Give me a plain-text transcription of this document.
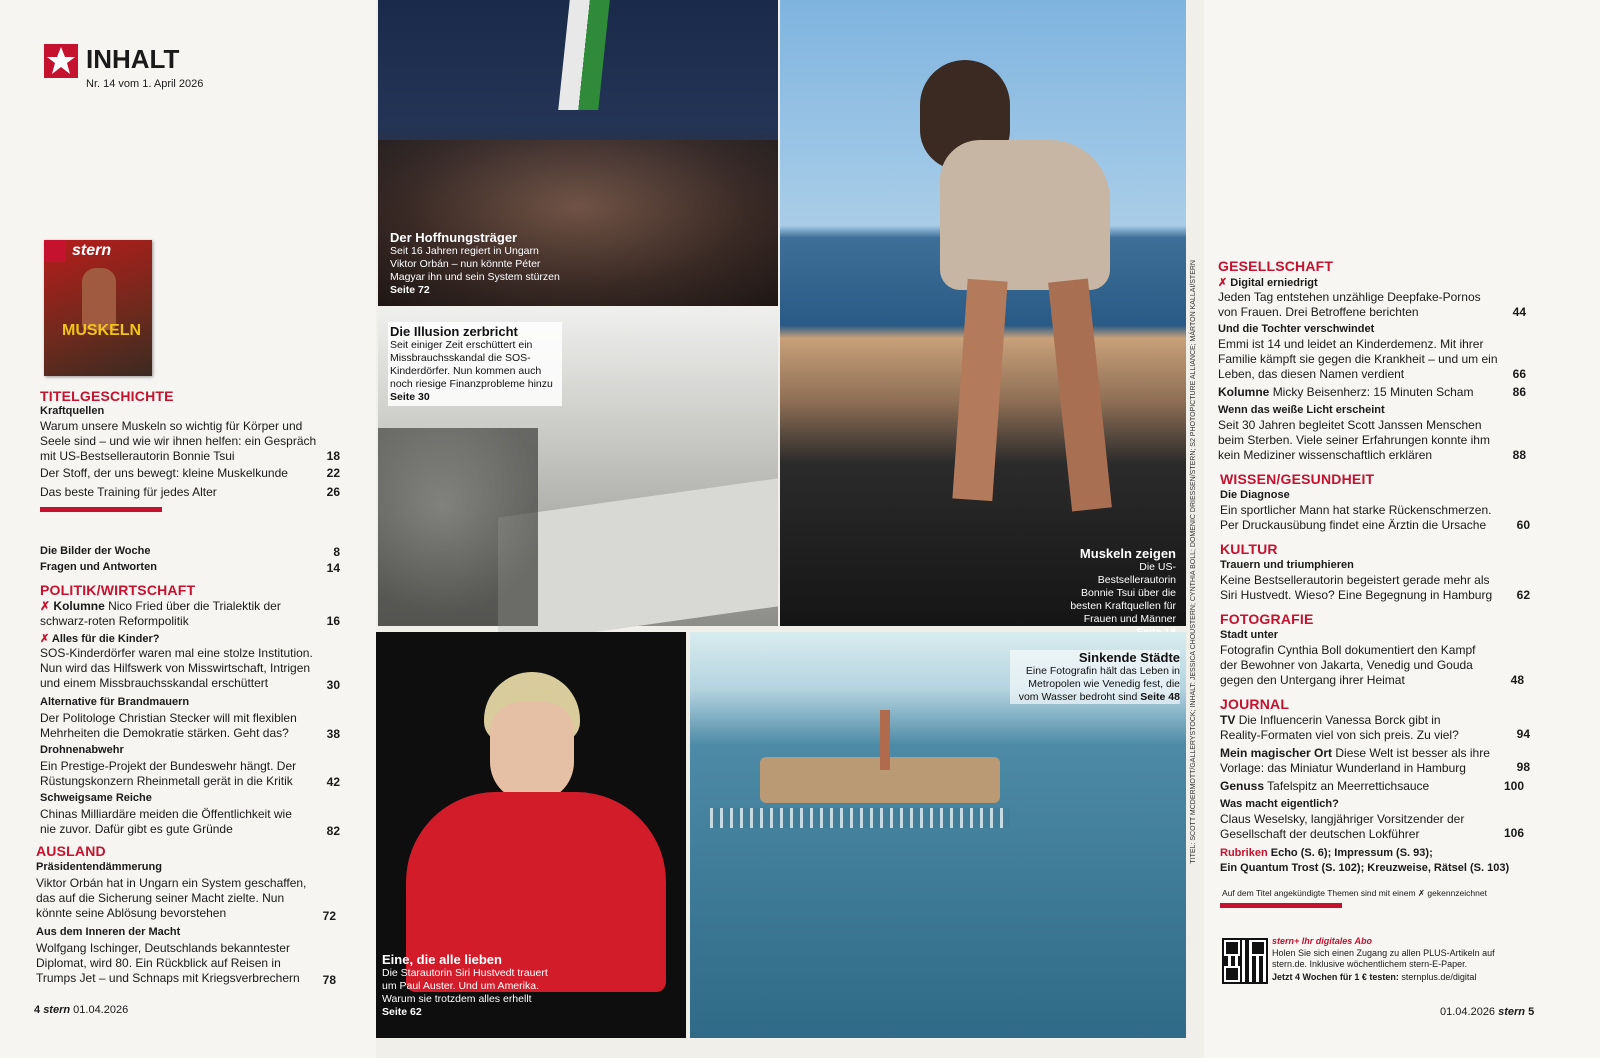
INHALT
Nr. 14 vom 1. April 2026
stern
MUSKELN
TITELGESCHICHTE
Kraftquellen
Warum unsere Muskeln so wichtig für Körper und Seele sind – und wie wir ihnen helfen: ein Gespräch mit US-Bestsellerautorin Bonnie Tsui	18
Der Stoff, der uns bewegt: kleine Muskelkunde	22
Das beste Training für jedes Alter	26
Die Bilder der Woche	8
Fragen und Antworten	14
POLITIK/WIRTSCHAFT
✗ Kolumne Nico Fried über die Trialektik der schwarz-roten Reformpolitik	16
✗ Alles für die Kinder?
SOS-Kinderdörfer waren mal eine stolze Institution. Nun wird das Hilfswerk von Misswirtschaft, Intrigen und einem Missbrauchsskandal erschüttert	30
Alternative für Brandmauern
Der Politologe Christian Stecker will mit flexiblen Mehrheiten die Demokratie stärken. Geht das?	38
Drohnenabwehr
Ein Prestige-Projekt der Bundeswehr hängt. Der Rüstungskonzern Rheinmetall gerät in die Kritik	42
Schweigsame Reiche
Chinas Milliardäre meiden die Öffentlichkeit wie nie zuvor. Dafür gibt es gute Gründe	82
AUSLAND
Präsidentendämmerung
Viktor Orbán hat in Ungarn ein System geschaffen, das auf die Sicherung seiner Macht zielte. Nun könnte seine Ablösung bevorstehen	72
Aus dem Inneren der Macht
Wolfgang Ischinger, Deutschlands bekanntester Diplomat, wird 80. Ein Rückblick auf Reisen in Trumps Jet – und Schnaps mit Kriegsverbrechern	78
4 stern 01.04.2026
Der Hoffnungsträger
Seit 16 Jahren regiert in Ungarn Viktor Orbán – nun könnte Péter Magyar ihn und sein System stürzen Seite 72
Die Illusion zerbricht
Seit einiger Zeit erschüttert ein Missbrauchsskandal die SOS-Kinderdörfer. Nun kommen auch noch riesige Finanzprobleme hinzu Seite 30
Muskeln zeigen
Die US-Bestsellerautorin Bonnie Tsui über die besten Kraftquellen für Frauen und Männer
Eine, die alle lieben
Die Starautorin Siri Hustvedt trauert um Paul Auster. Und um Amerika. Warum sie trotzdem alles erhellt Seite 62
Sinkende Städte
Eine Fotografin hält das Leben in Metropolen wie Venedig fest, die vom Wasser bedroht sind Seite 48 TITEL: SCOTT MCDERMOTT/GALLERYSTOCK; INHALT: JESSICA CHOUSTERN; CYNTHIA BOLL; DOMENIC DRIESSEN/STERN; S2 PHOTOPICTURE ALLIANCE; MÁRTON KALLAI/STERN GESELLSCHAFT
✗ Digital erniedrigt
Jeden Tag entstehen unzählige Deepfake-Pornos von Frauen. Drei Betroffene berichten	44
Und die Tochter verschwindet
Emmi ist 14 und leidet an Kinderdemenz. Mit ihrer Familie kämpft sie gegen die Krankheit – und um ein Leben, das diesen Namen verdient	66
Kolumne Micky Beisenherz: 15 Minuten Scham	86
Wenn das weiße Licht erscheint
Seit 30 Jahren begleitet Scott Janssen Menschen beim Sterben. Viele seiner Erfahrungen konnte ihm kein Mediziner wissenschaftlich erklären	88
WISSEN/GESUNDHEIT
Die Diagnose
Ein sportlicher Mann hat starke Rückenschmerzen. Per Druckausübung findet eine Ärztin die Ursache	60
KULTUR
Trauern und triumphieren
Keine Bestsellerautorin begeistert gerade mehr als Siri Hustvedt. Wieso? Eine Begegnung in Hamburg	62
FOTOGRAFIE
Stadt unter
Fotografin Cynthia Boll dokumentiert den Kampf der Bewohner von Jakarta, Venedig und Gouda gegen den Untergang ihrer Heimat	48
JOURNAL
TV Die Influencerin Vanessa Borck gibt in Reality-Formaten viel von sich preis. Zu viel?	94
Mein magischer Ort Diese Welt ist besser als ihre Vorlage: das Miniatur Wunderland in Hamburg	98
Genuss Tafelspitz an Meerrettichsauce	100
Was macht eigentlich?
Claus Weselsky, langjähriger Vorsitzender der Gesellschaft der deutschen Lokführer	106
Rubriken Echo (S. 6); Impressum (S. 93);
Ein Quantum Trost (S. 102); Kreuzweise, Rätsel (S. 103)
Auf dem Titel angekündigte Themen sind mit einem ✗ gekennzeichnet
stern+ Ihr digitales Abo
Holen Sie sich einen Zugang zu allen PLUS-Artikeln auf stern.de. Inklusive wöchentlichem stern-E-Paper.
Jetzt 4 Wochen für 1 € testen: sternplus.de/digital
01.04.2026 stern 5
